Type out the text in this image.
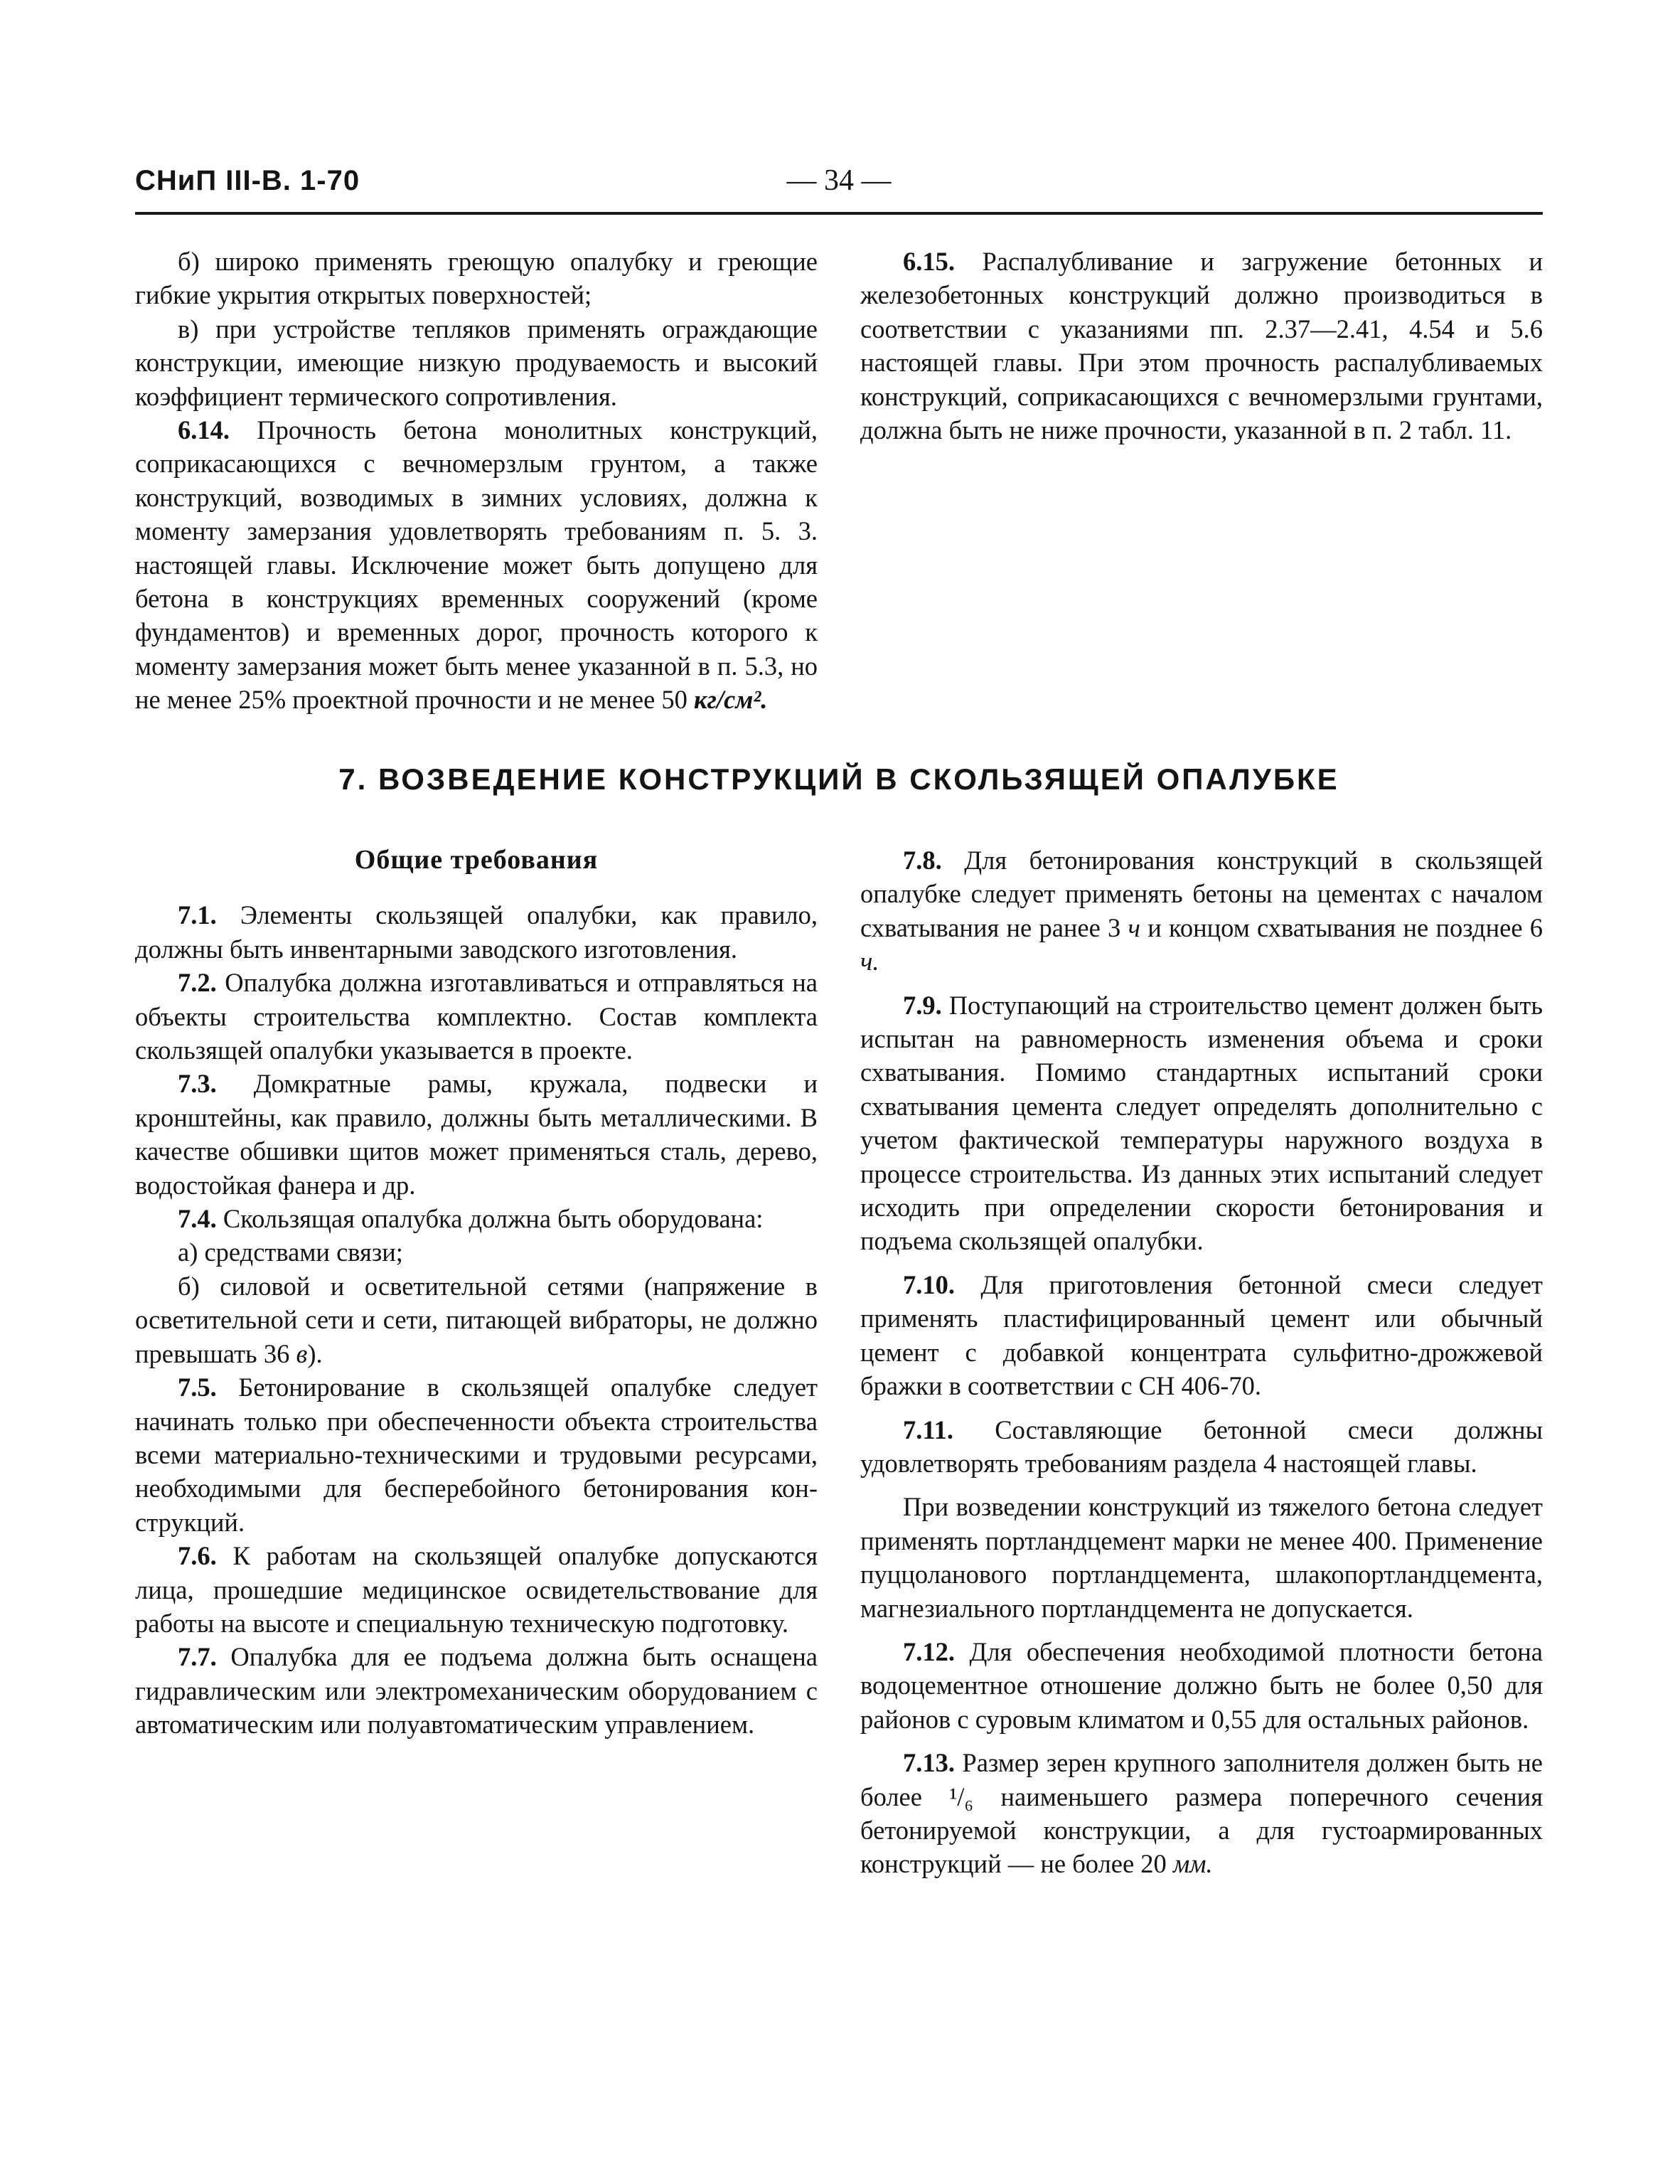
СНиП III-В. 1-70	— 34 —

б) широко применять греющую опалубку и греющие гибкие укрытия открытых поверхностей;

в) при устройстве тепляков применять ограждающие конструкции, имеющие низкую продуваемость и высокий коэффициент термического сопротивления.

6.14. Прочность бетона монолитных конструкций, соприкасающихся с вечномерзлым грунтом, а также конструкций, возводимых в зимних условиях, должна к моменту замерзания удовлетворять требованиям п. 5. 3. настоящей главы. Исключение может быть допущено для бетона в конструкциях временных сооружений (кроме фундаментов) и временных дорог, прочность которого к моменту замерзания может быть менее указанной в п. 5.3, но не менее 25% проектной прочности и не менее 50 кг/см².

6.15. Распалубливание и загружение бетонных и железобетонных конструкций должно производиться в соответствии с указаниями пп. 2.37—2.41, 4.54 и 5.6 настоящей главы. При этом прочность распалубливаемых конструкций, соприкасающихся с вечномерзлыми грунтами, должна быть не ниже прочности, указанной в п. 2 табл. 11.

7. ВОЗВЕДЕНИЕ КОНСТРУКЦИЙ В СКОЛЬЗЯЩЕЙ ОПАЛУБКЕ

Общие требования

7.1. Элементы скользящей опалубки, как правило, должны быть инвентарными заводского изготовления.

7.2. Опалубка должна изготавливаться и отправляться на объекты строительства комплектно. Состав комплекта скользящей опалубки указывается в проекте.

7.3. Домкратные рамы, кружала, подвески и кронштейны, как правило, должны быть металлическими. В качестве обшивки щитов может применяться сталь, дерево, водостойкая фанера и др.

7.4. Скользящая опалубка должна быть оборудована:

а) средствами связи;

б) силовой и осветительной сетями (напряжение в осветительной сети и сети, питающей вибраторы, не должно превышать 36 в).

7.5. Бетонирование в скользящей опалубке следует начинать только при обеспеченности объекта строительства всеми материально-техническими и трудовыми ресурсами, необходимыми для бесперебойного бетонирования конструкций.

7.6. К работам на скользящей опалубке допускаются лица, прошедшие медицинское освидетельствование для работы на высоте и специальную техническую подготовку.

7.7. Опалубка для ее подъема должна быть оснащена гидравлическим или электромеханическим оборудованием с автоматическим или полуавтоматическим управлением.

7.8. Для бетонирования конструкций в скользящей опалубке следует применять бетоны на цементах с началом схватывания не ранее 3 ч и концом схватывания не позднее 6 ч.

7.9. Поступающий на строительство цемент должен быть испытан на равномерность изменения объема и сроки схватывания. Помимо стандартных испытаний сроки схватывания цемента следует определять дополнительно с учетом фактической температуры наружного воздуха в процессе строительства. Из данных этих испытаний следует исходить при определении скорости бетонирования и подъема скользящей опалубки.

7.10. Для приготовления бетонной смеси следует применять пластифицированный цемент или обычный цемент с добавкой концентрата сульфитно-дрожжевой бражки в соответствии с СН 406-70.

7.11. Составляющие бетонной смеси должны удовлетворять требованиям раздела 4 настоящей главы.

При возведении конструкций из тяжелого бетона следует применять портландцемент марки не менее 400. Применение пуццоланового портландцемента, шлакопортландцемента, магнезиального портландцемента не допускается.

7.12. Для обеспечения необходимой плотности бетона водоцементное отношение должно быть не более 0,50 для районов с суровым климатом и 0,55 для остальных районов.

7.13. Размер зерен крупного заполнителя должен быть не более ¹/₆ наименьшего размера поперечного сечения бетонируемой конструкции, а для густоармированных конструкций — не более 20 мм.
